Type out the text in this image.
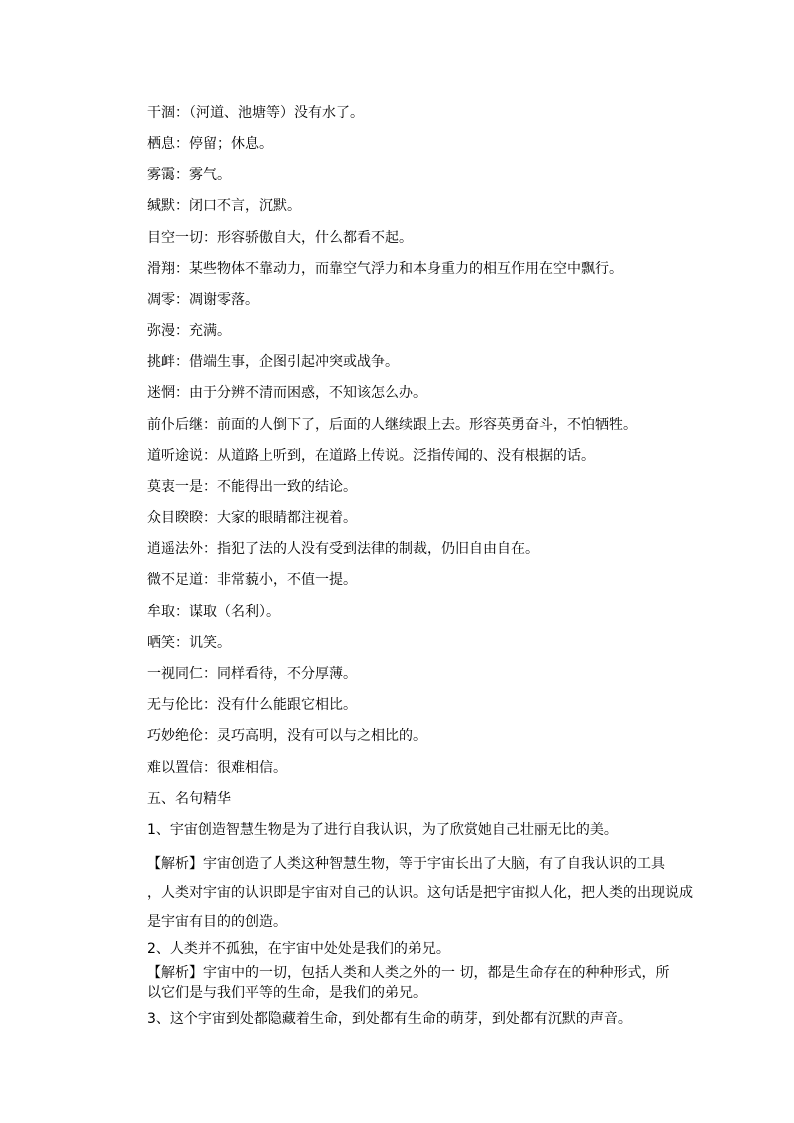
干涸：（河道、池塘等）没有水了。
栖息：停留；休息。
雾霭：雾气。
缄默：闭口不言，沉默。
目空一切：形容骄傲自大，什么都看不起。
滑翔：某些物体不靠动力，而靠空气浮力和本身重力的相互作用在空中飘行。
凋零：凋谢零落。
弥漫：充满。
挑衅：借端生事，企图引起冲突或战争。
迷惘：由于分辨不清而困惑，不知该怎么办。
前仆后继：前面的人倒下了，后面的人继续跟上去。形容英勇奋斗，不怕牺牲。
道听途说：从道路上听到，在道路上传说。泛指传闻的、没有根据的话。
莫衷一是：不能得出一致的结论。
众目睽睽：大家的眼睛都注视着。
逍遥法外：指犯了法的人没有受到法律的制裁，仍旧自由自在。
微不足道：非常藐小，不值一提。
牟取：谋取（名利）。
哂笑：讥笑。
一视同仁：同样看待，不分厚薄。
无与伦比：没有什么能跟它相比。
巧妙绝伦：灵巧高明，没有可以与之相比的。
难以置信：很难相信。
五、名句精华
1、宇宙创造智慧生物是为了进行自我认识，为了欣赏她自己壮丽无比的美。
【解析】宇宙创造了人类这种智慧生物，等于宇宙长出了大脑，有了自我认识的工具
，人类对宇宙的认识即是宇宙对自己的认识。这句话是把宇宙拟人化，把人类的出现说成
是宇宙有目的的创造。
2、人类并不孤独，在宇宙中处处是我们的弟兄。
【解析】宇宙中的一切，包括人类和人类之外的一 切，都是生命存在的种种形式，所
以它们是与我们平等的生命，是我们的弟兄。
3、这个宇宙到处都隐藏着生命，到处都有生命的萌芽，到处都有沉默的声音。
